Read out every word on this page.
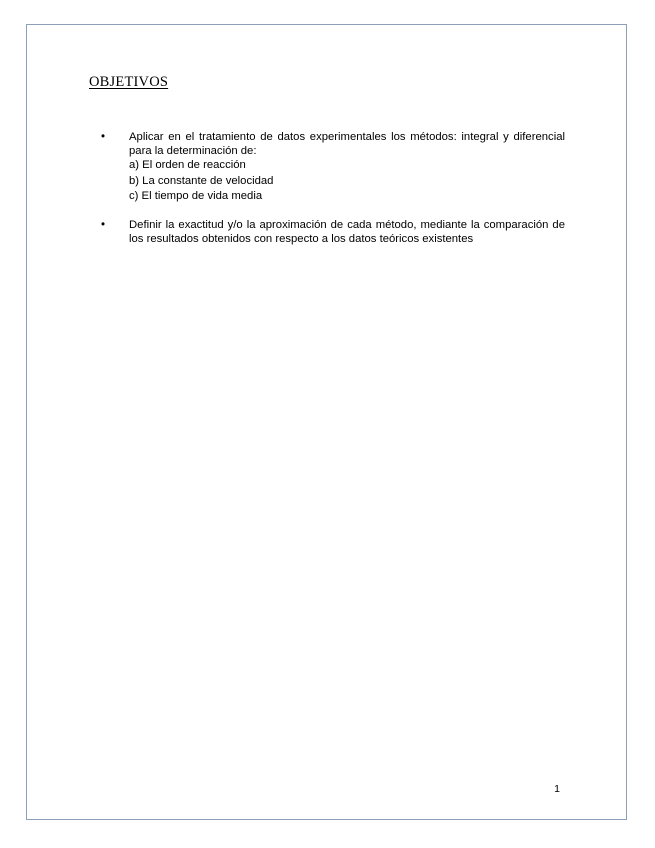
OBJETIVOS
• Aplicar en el tratamiento de datos experimentales los métodos: integral y diferencial para la determinación de:

a) El orden de reacción
b) La constante de velocidad
c) El tiempo de vida media
• Definir la exactitud y/o la aproximación de cada método, mediante la comparación de los resultados obtenidos con respecto a los datos teóricos existentes

1
